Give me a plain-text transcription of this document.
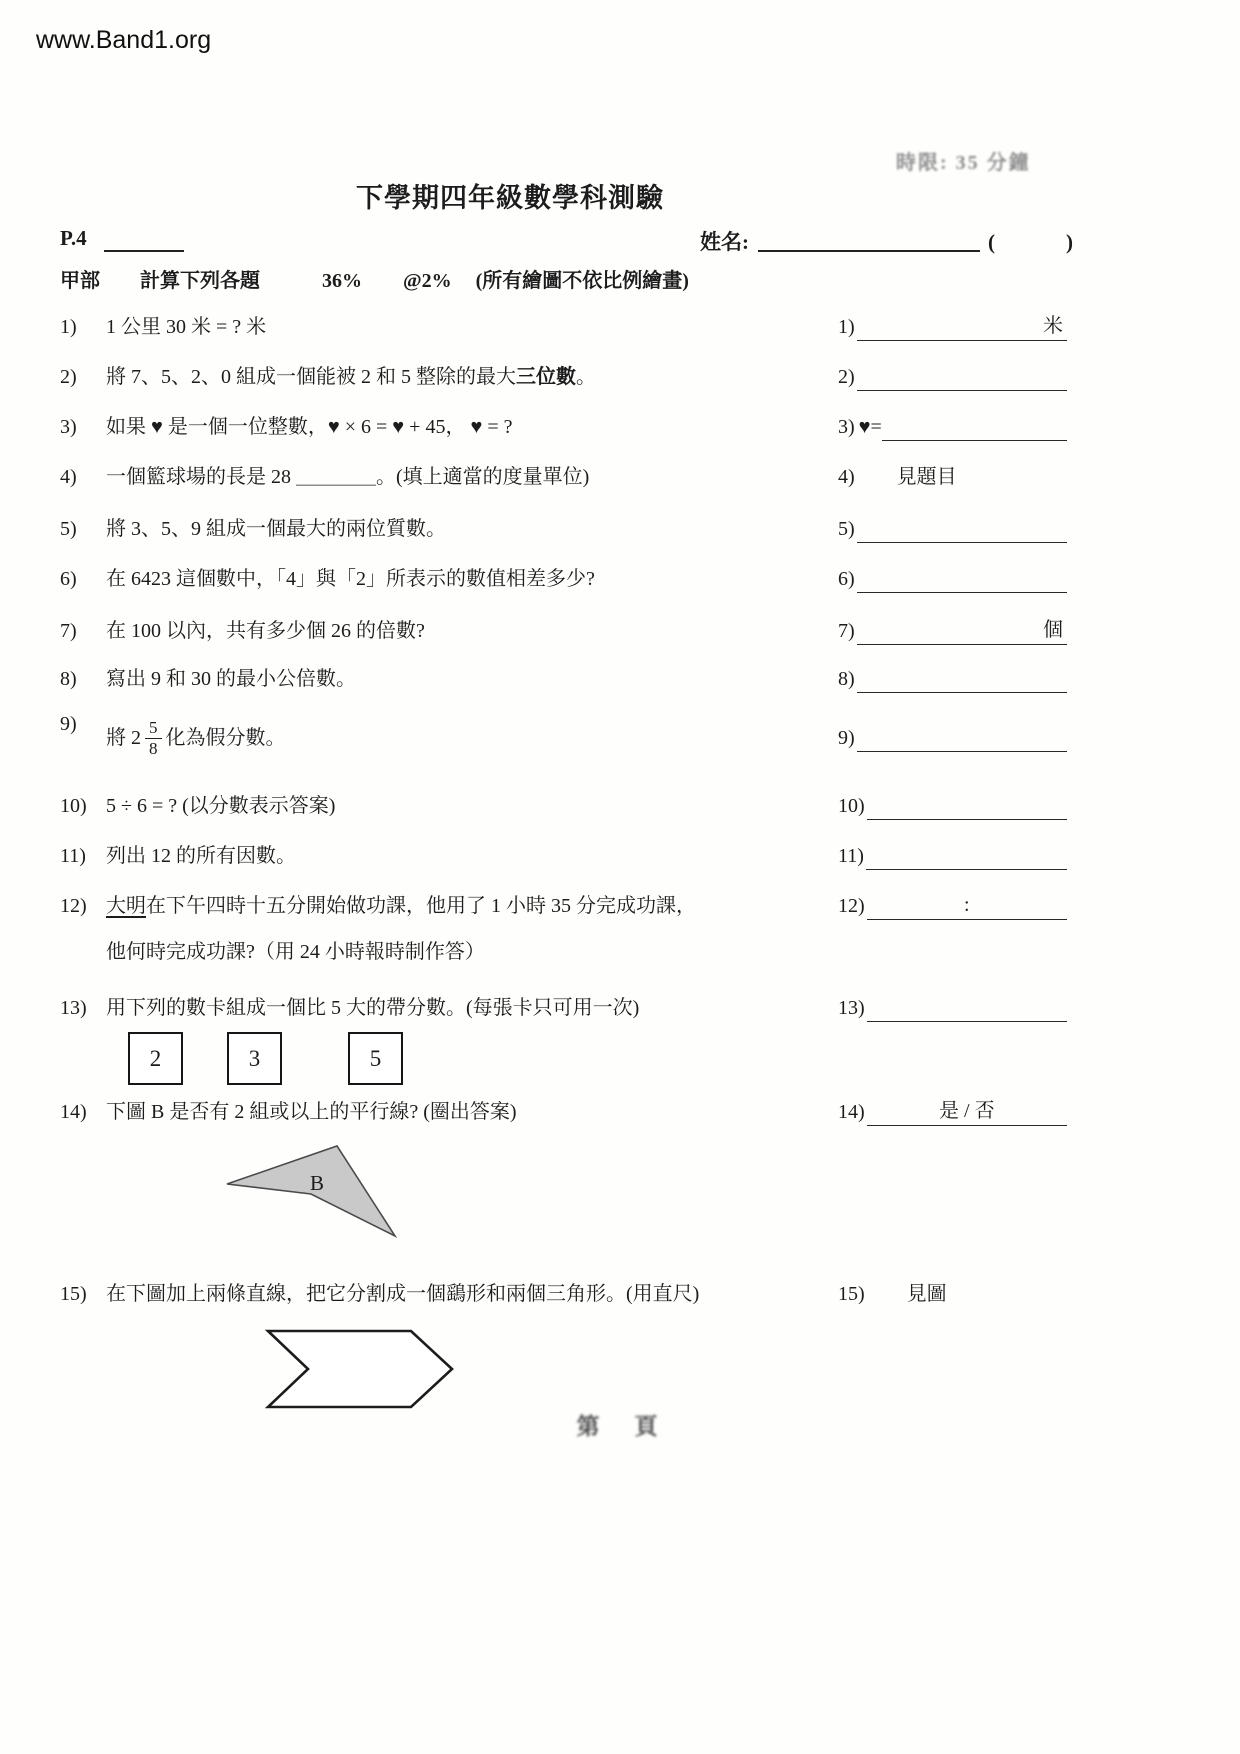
www.Band1.org
時限: 35 分鐘
下學期四年級數學科測驗
P.4	姓名:	(　　　)
甲部 計算下列各題	36% @2% (所有繪圖不依比例繪畫)
1)	1 公里 30 米 = ? 米	1)	米
2)	將 7、5、2、0 組成一個能被 2 和 5 整除的最大三位數。	2)
3)	如果 ♥ 是一個一位整數，♥ × 6 = ♥ + 45， ♥ = ?	3) ♥=
4)	一個籃球場的長是 28 ＿＿＿＿。(填上適當的度量單位)	4) 見題目
5)	將 3、5、9 組成一個最大的兩位質數。	5)
6)	在 6423 這個數中，「4」與「2」所表示的數值相差多少?	6)
7)	在 100 以內，共有多少個 26 的倍數?	7)	個
8)	寫出 9 和 30 的最小公倍數。	8)
9)
將 $2 \frac{5}{8}$ 化為假分數。	9)
10) 5 ÷ 6 = ? (以分數表示答案)	10)
11)	列出 12 的所有因數。	11)
12) 大明在下午四時十五分開始做功課，他用了 1 小時 35 分完成功課，
他何時完成功課?（用 24 小時報時制作答）
12)	:
13) 用下列的數卡組成一個比 5 大的帶分數。(每張卡只可用一次)	13)
2	3	5
14) 下圖 B 是否有 2 組或以上的平行線? (圈出答案)	14)	是 / 否
B
15) 在下圖加上兩條直線，把它分割成一個鷂形和兩個三角形。(用直尺)	15) 見圖
第　頁
